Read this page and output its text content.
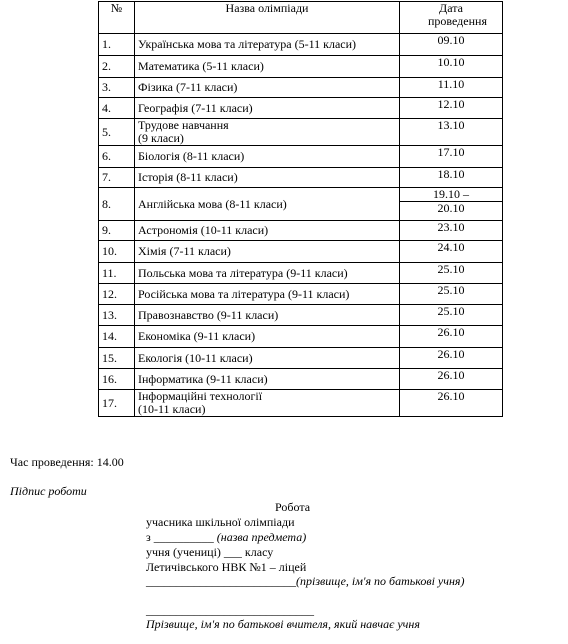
№	Назва олімпіади	Дата проведення
1.	Українська мова та література (5-11 класи)	09.10
2.	Математика (5-11 класи)	10.10
3.	Фізика (7-11 класи)	11.10
4.	Географія (7-11 класи)	12.10
5.	Трудове навчання
(9 класи)	13.10
6.	Біологія (8-11 класи)	17.10
7.	Історія (8-11 класи)	18.10
8.	Англійська мова (8-11 класи)	19.10 –
20.10

9.	Астрономія (10-11 класи)	23.10
10.	Хімія (7-11 класи)	24.10
11.	Польська мова та література (9-11 класи)	25.10
12.	Російська мова та література (9-11 класи)	25.10
13.	Правознавство (9-11 класи)	25.10
14.	Економіка (9-11 класи)	26.10
15.	Екологія (10-11 класи)	26.10
16.	Інформатика (9-11 класи)	26.10
17.	Інформаційні технології
(10-11 класи)	26.10
Час проведення: 14.00
Підпис роботи
Робота
учасника шкільної олімпіади
з __________ (назва предмета)
учня (учениці) ___ класу
Летичівського НВК №1 – ліцей
_________________________(прізвище, ім'я по батькові учня)
____________________________
Прізвище, ім'я по батькові вчителя, який навчає учня
